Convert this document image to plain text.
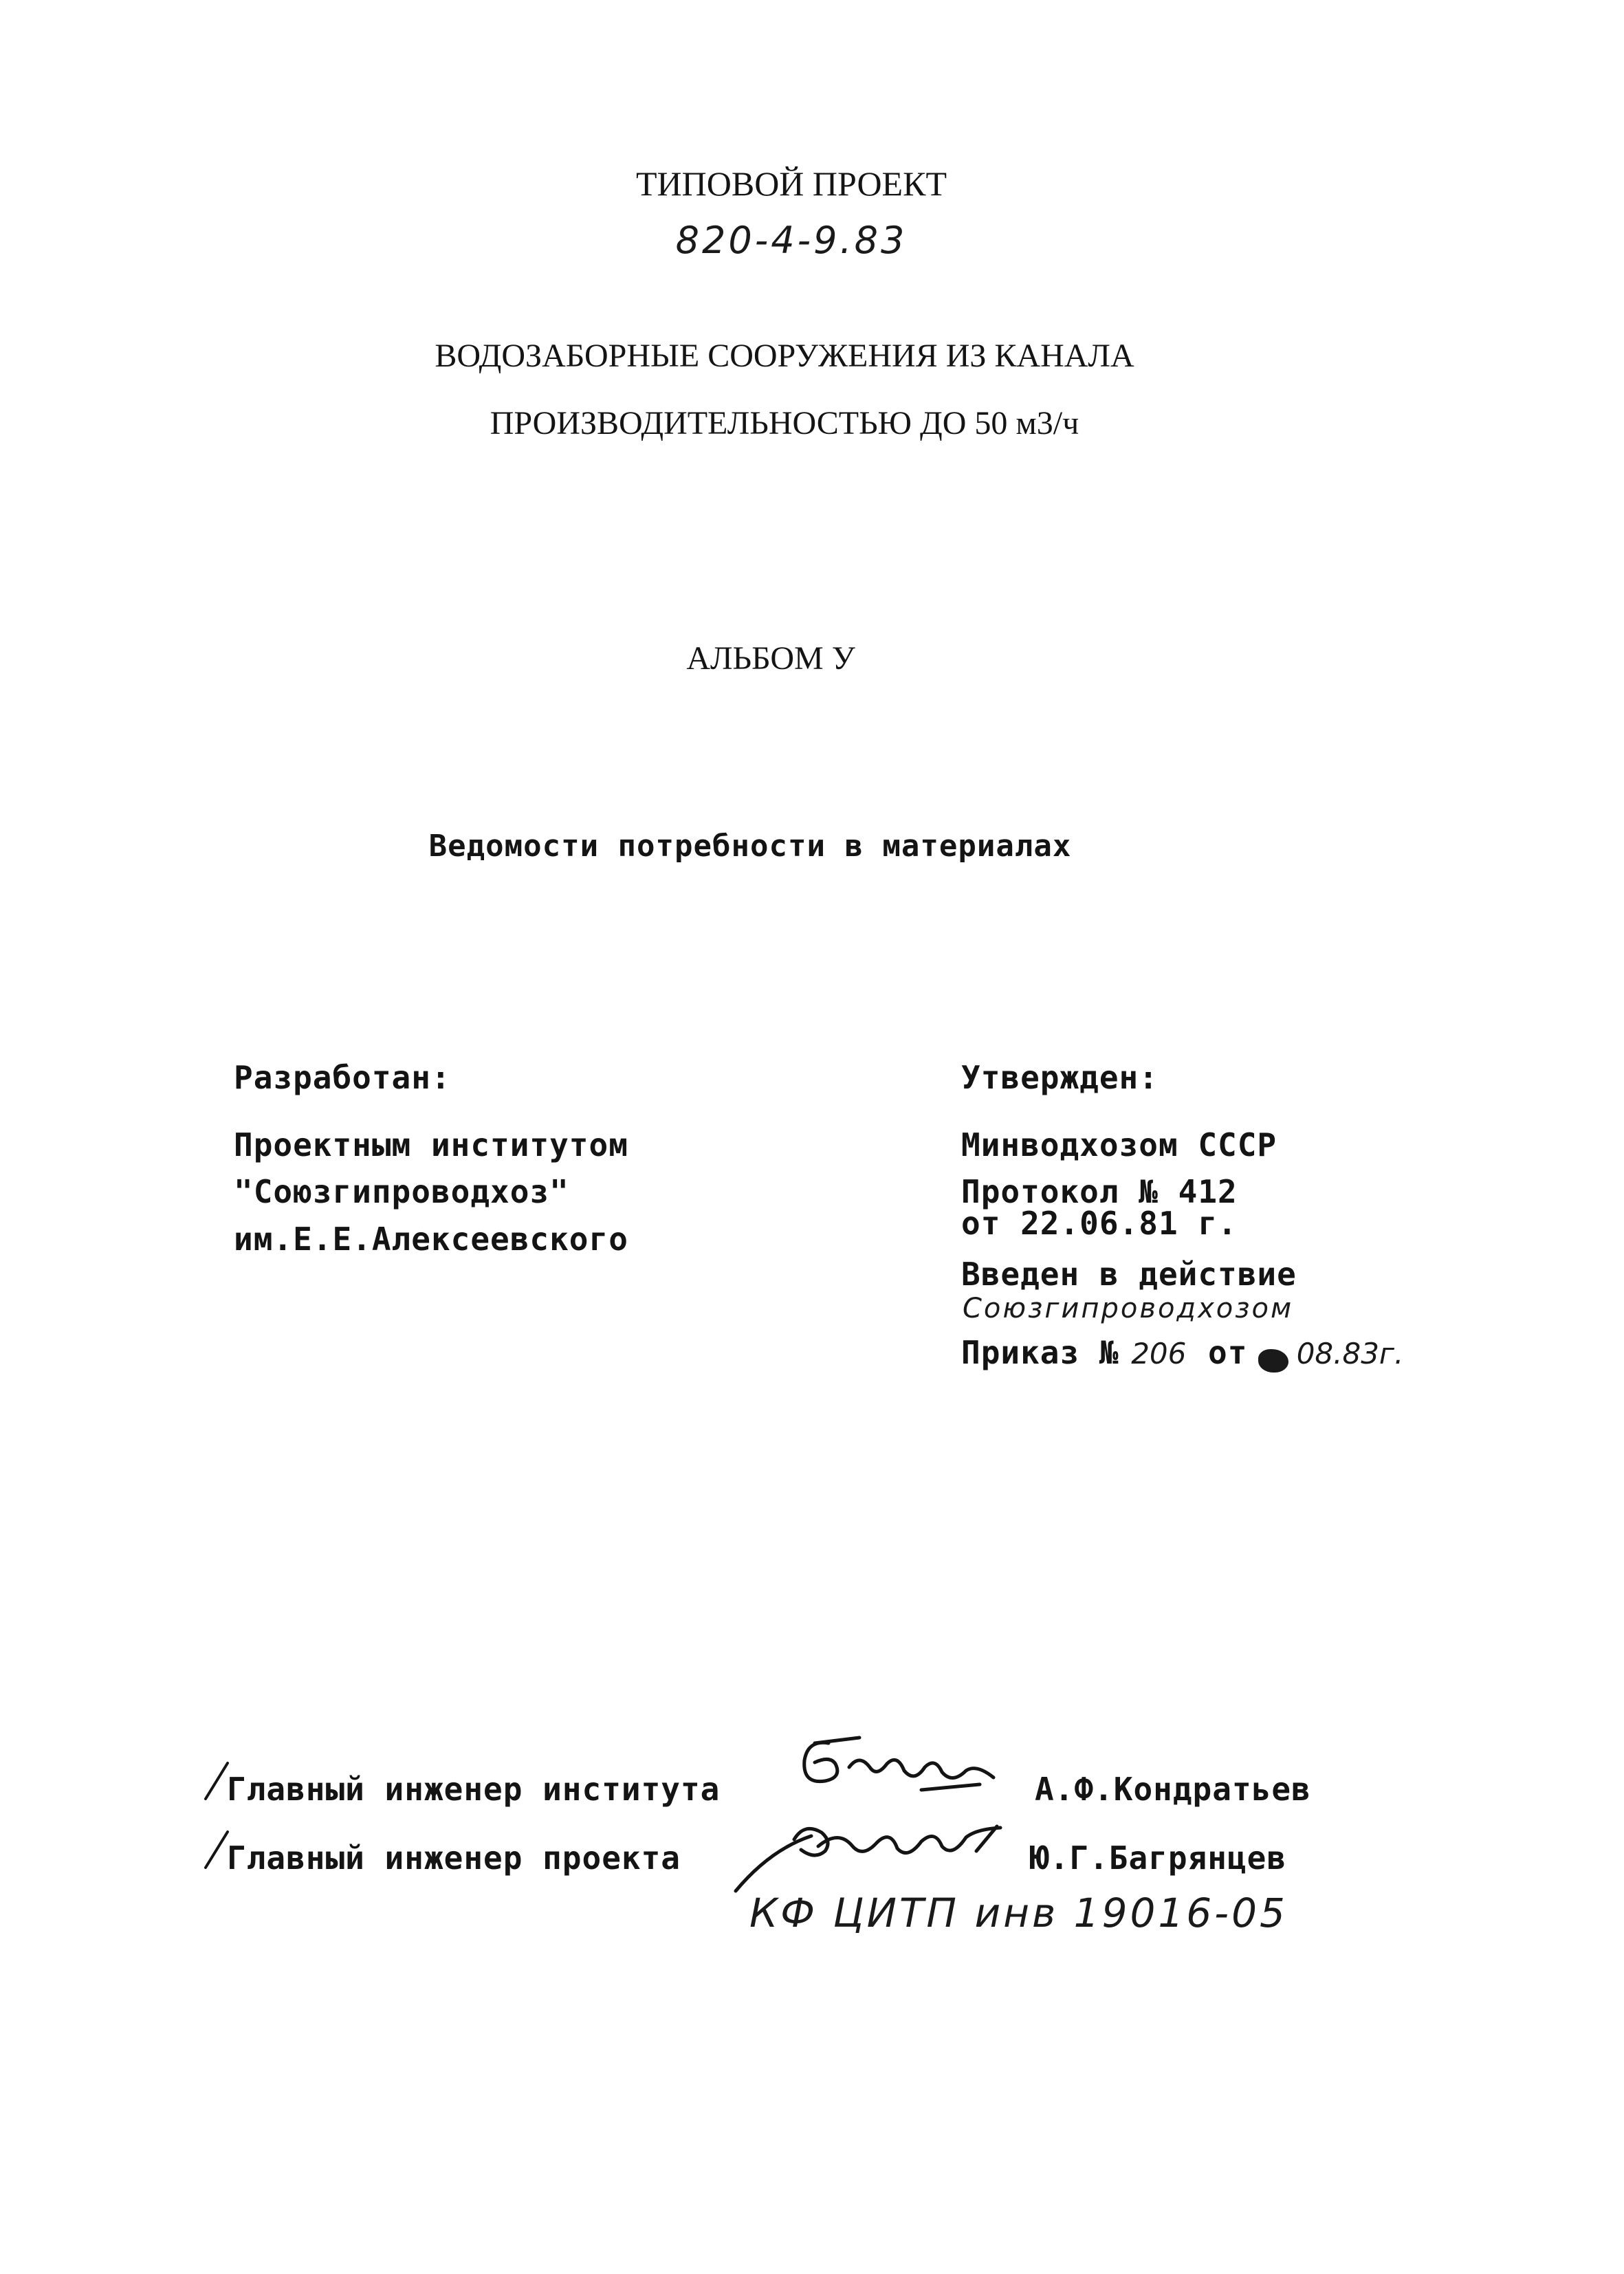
ТИПОВОЙ ПРОЕКТ
820-4-9.83
ВОДОЗАБОРНЫЕ СООРУЖЕНИЯ ИЗ КАНАЛА
ПРОИЗВОДИТЕЛЬНОСТЬЮ ДО 50 м3/ч
АЛЬБОМ У
Ведомости потребности в материалах
Разработан:
Проектным институтом
"Союзгипроводхоз"
им.Е.Е.Алексеевского
Утвержден:
Минводхозом СССР
Протокол № 412
от 22.06.81 г.
Введен в действие
Союзгипроводхозом
Приказ № 206 от 08.83г.
Главный инженер института	А.Ф.Кондратьев
Главный инженер проекта	Ю.Г.Багрянцев
КФ ЦИТП инв 19016-05
